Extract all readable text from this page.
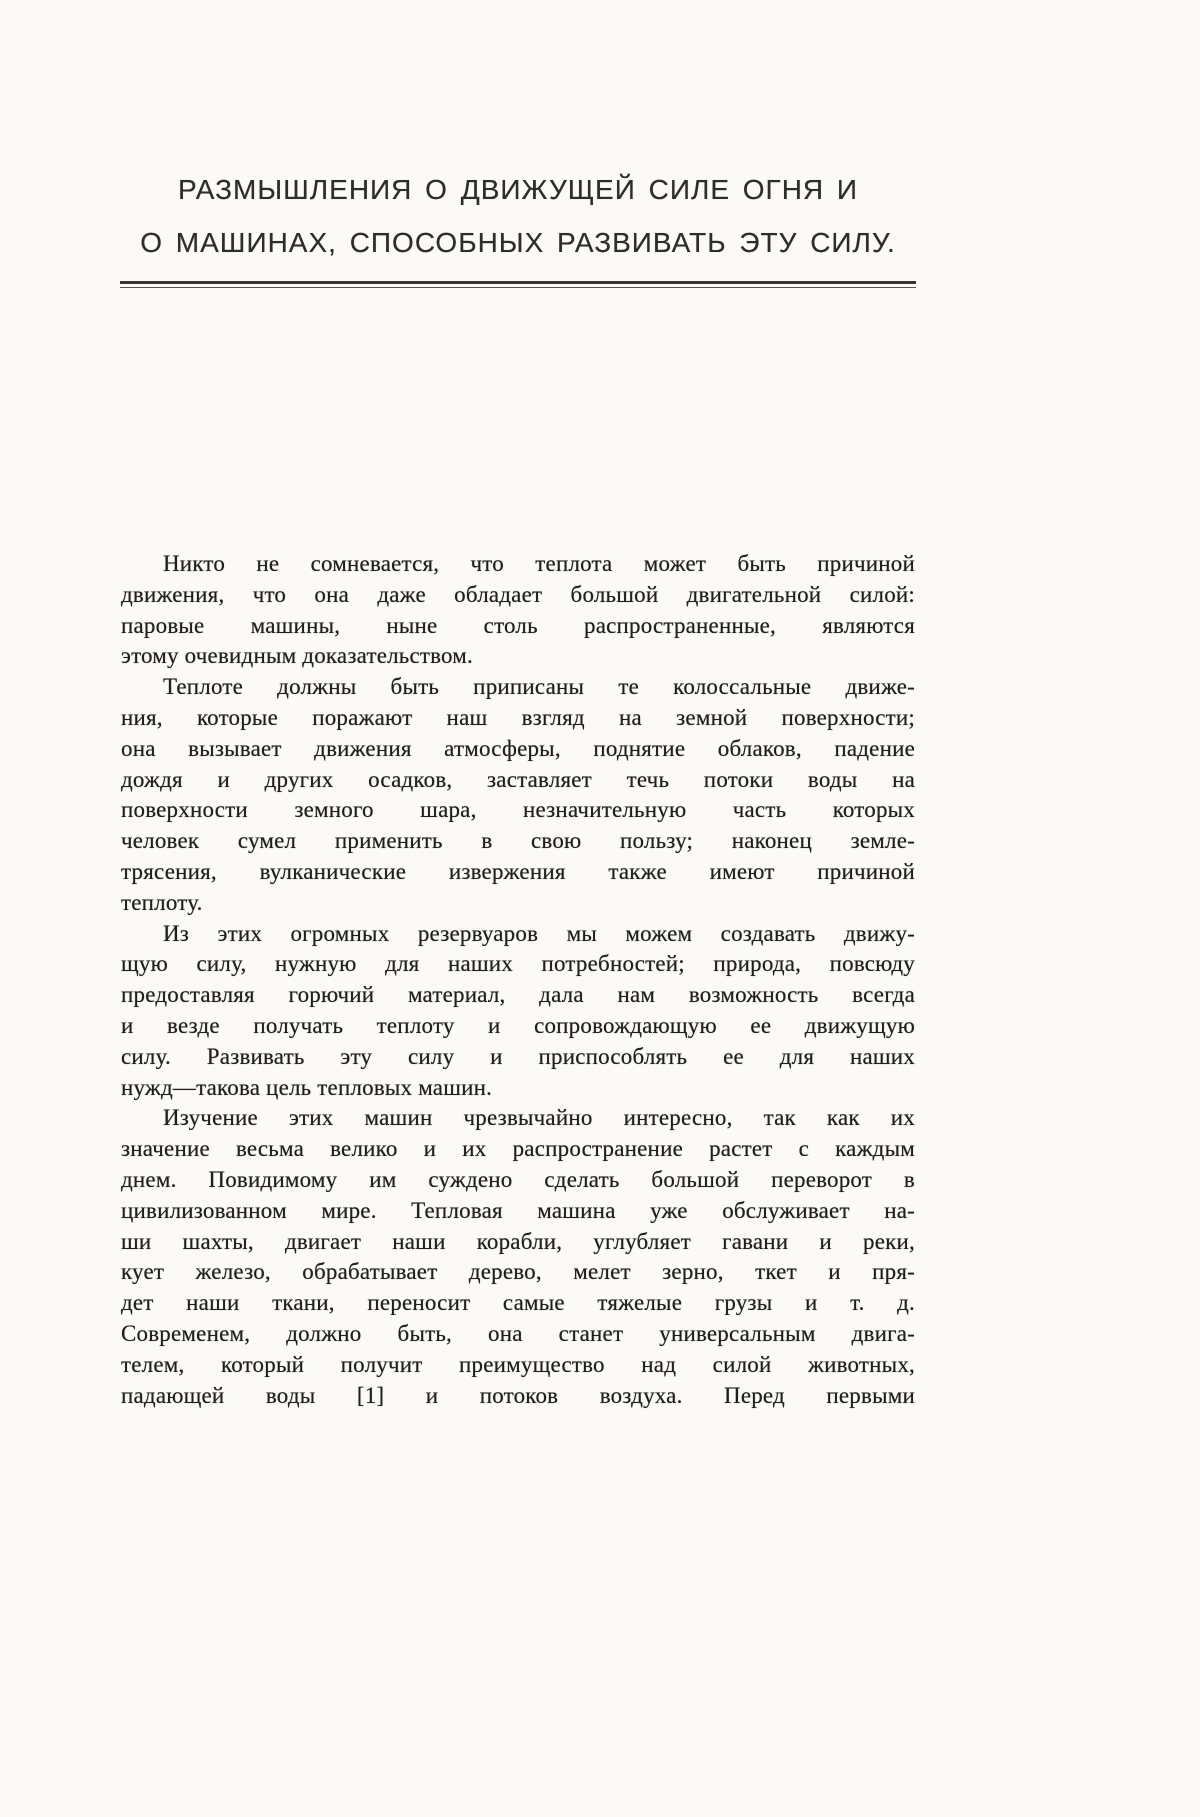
РАЗМЫШЛЕНИЯ О ДВИЖУЩЕЙ СИЛЕ ОГНЯ И
О МАШИНАХ, СПОСОБНЫХ РАЗВИВАТЬ ЭТУ СИЛУ.

Никто не сомневается, что теплота может быть причиной
движения, что она даже обладает большой двигательной силой:
паровые машины, ныне столь распространенные, являются
этому очевидным доказательством.

Теплоте должны быть приписаны те колоссальные движе-
ния, которые поражают наш взгляд на земной поверхности;
она вызывает движения атмосферы, поднятие облаков, падение
дождя и других осадков, заставляет течь потоки воды на
поверхности земного шара, незначительную часть которых
человек сумел применить в свою пользу; наконец земле-
трясения, вулканические извержения также имеют причиной
теплоту.

Из этих огромных резервуаров мы можем создавать движу-
щую силу, нужную для наших потребностей; природа, повсюду
предоставляя горючий материал, дала нам возможность всегда
и везде получать теплоту и сопровождающую ее движущую
силу. Развивать эту силу и приспособлять ее для наших
нужд—такова цель тепловых машин.

Изучение этих машин чрезвычайно интересно, так как их
значение весьма велико и их распространение растет с каждым
днем. Повидимому им суждено сделать большой переворот в
цивилизованном мире. Тепловая машина уже обслуживает на-
ши шахты, двигает наши корабли, углубляет гавани и реки,
кует железо, обрабатывает дерево, мелет зерно, ткет и пря-
дет наши ткани, переносит самые тяжелые грузы и т. д.
Современем, должно быть, она станет универсальным двига-
телем, который получит преимущество над силой животных,
падающей воды [1] и потоков воздуха. Перед первыми
